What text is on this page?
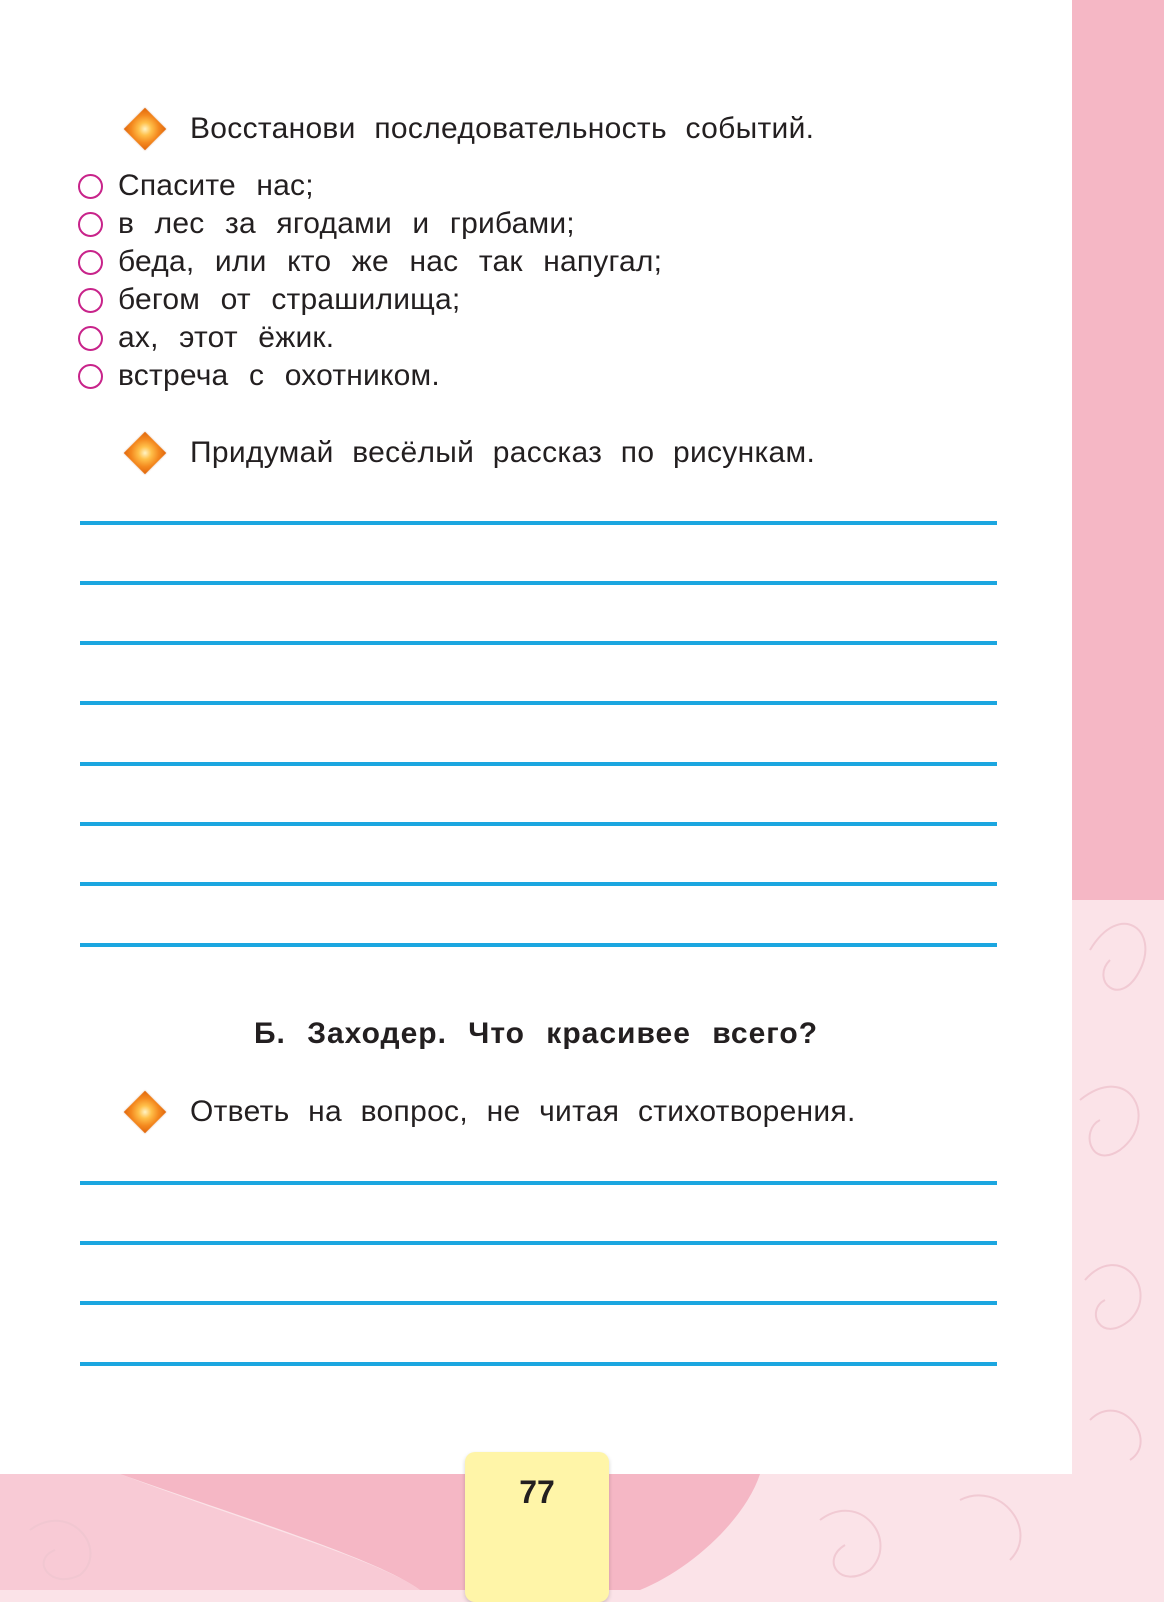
Восстанови последовательность событий.
Спасите нас;
в лес за ягодами и грибами;
беда, или кто же нас так напугал;
бегом от страшилища;
ах, этот ёжик.
встреча с охотником.
Придумай весёлый рассказ по рисункам.
Б. Заходер. Что красивее всего?
Ответь на вопрос, не читая стихотворения.
77
